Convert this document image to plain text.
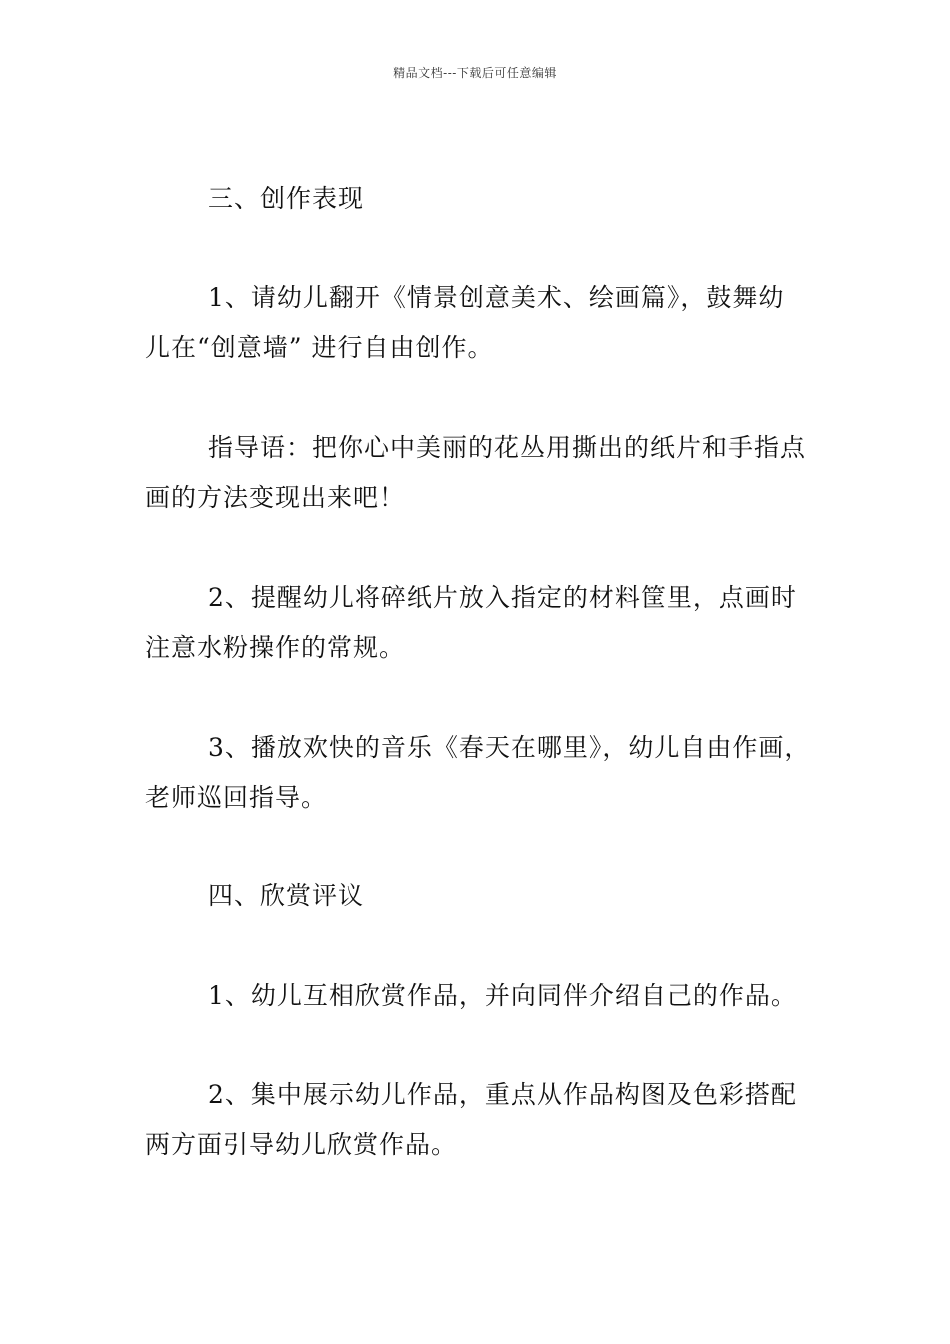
精品文档---下载后可任意编辑
三、创作表现
1、请幼儿翻开《情景创意美术、绘画篇》，鼓舞幼
儿在“创意墙” 进行自由创作。
指导语：把你心中美丽的花丛用撕出的纸片和手指点
画的方法变现出来吧！
2、提醒幼儿将碎纸片放入指定的材料筐里，点画时
注意水粉操作的常规。
3、播放欢快的音乐《春天在哪里》，幼儿自由作画，
老师巡回指导。
四、欣赏评议
1、幼儿互相欣赏作品，并向同伴介绍自己的作品。
2、集中展示幼儿作品，重点从作品构图及色彩搭配
两方面引导幼儿欣赏作品。
